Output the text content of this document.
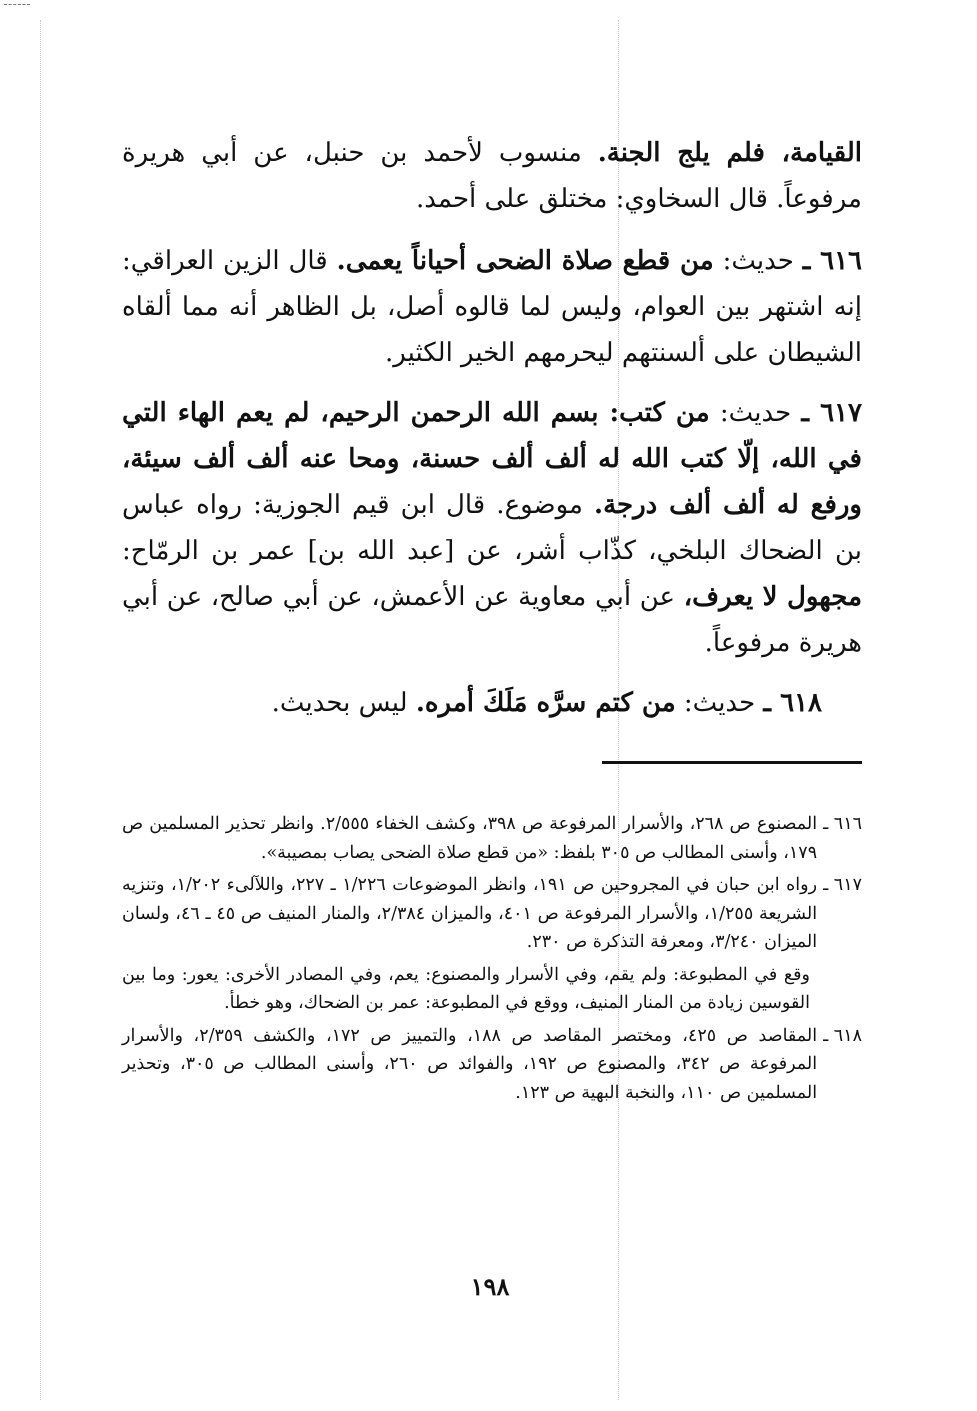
القيامة، فلم يلج الجنة. منسوب لأحمد بن حنبل، عن أبي هريرة مرفوعاً. قال السخاوي: مختلق على أحمد.

٦١٦ ـ حديث: من قطع صلاة الضحى أحياناً يعمى. قال الزين العراقي: إنه اشتهر بين العوام، وليس لما قالوه أصل، بل الظاهر أنه مما ألقاه الشيطان على ألسنتهم ليحرمهم الخير الكثير.

٦١٧ ـ حديث: من كتب: بسم الله الرحمن الرحيم، لم يعم الهاء التي في الله، إلّا كتب الله له ألف ألف حسنة، ومحا عنه ألف ألف سيئة، ورفع له ألف ألف درجة. موضوع. قال ابن قيم الجوزية: رواه عباس بن الضحاك البلخي، كذّاب أشر، عن [عبد الله بن] عمر بن الرمّاح: مجهول لا يعرف، عن أبي معاوية عن الأعمش، عن أبي صالح، عن أبي هريرة مرفوعاً.

٦١٨ ـ حديث: من كتم سرَّه مَلَكَ أمره. ليس بحديث.

٦١٦ ـ
المصنوع ص ٢٦٨، والأسرار المرفوعة ص ٣٩٨، وكشف الخفاء ٢/٥٥٥. وانظر تحذير المسلمين ص ١٧٩، وأسنى المطالب ص ٣٠٥ بلفظ: «من قطع صلاة الضحى يصاب بمصيبة».
٦١٧ ـ
رواه ابن حبان في المجروحين ص ١٩١، وانظر الموضوعات ١/٢٢٦ ـ ٢٢٧، واللآلىء ١/٢٠٢، وتنزيه الشريعة ١/٢٥٥، والأسرار المرفوعة ص ٤٠١، والميزان ٢/٣٨٤، والمنار المنيف ص ٤٥ ـ ٤٦، ولسان الميزان ٣/٢٤٠، ومعرفة التذكرة ص ٢٣٠.

وقع في المطبوعة: ولم يقم، وفي الأسرار والمصنوع: يعم، وفي المصادر الأخرى: يعور: وما بين القوسين زيادة من المنار المنيف، ووقع في المطبوعة: عمر بن الضحاك، وهو خطأ.

٦١٨ ـ
المقاصد ص ٤٢٥، ومختصر المقاصد ص ١٨٨، والتمييز ص ١٧٢، والكشف ٢/٣٥٩، والأسرار المرفوعة ص ٣٤٢، والمصنوع ص ١٩٢، والفوائد ص ٢٦٠، وأسنى المطالب ص ٣٠٥، وتحذير المسلمين ص ١١٠، والنخبة البهية ص ١٢٣.
١٩٨
